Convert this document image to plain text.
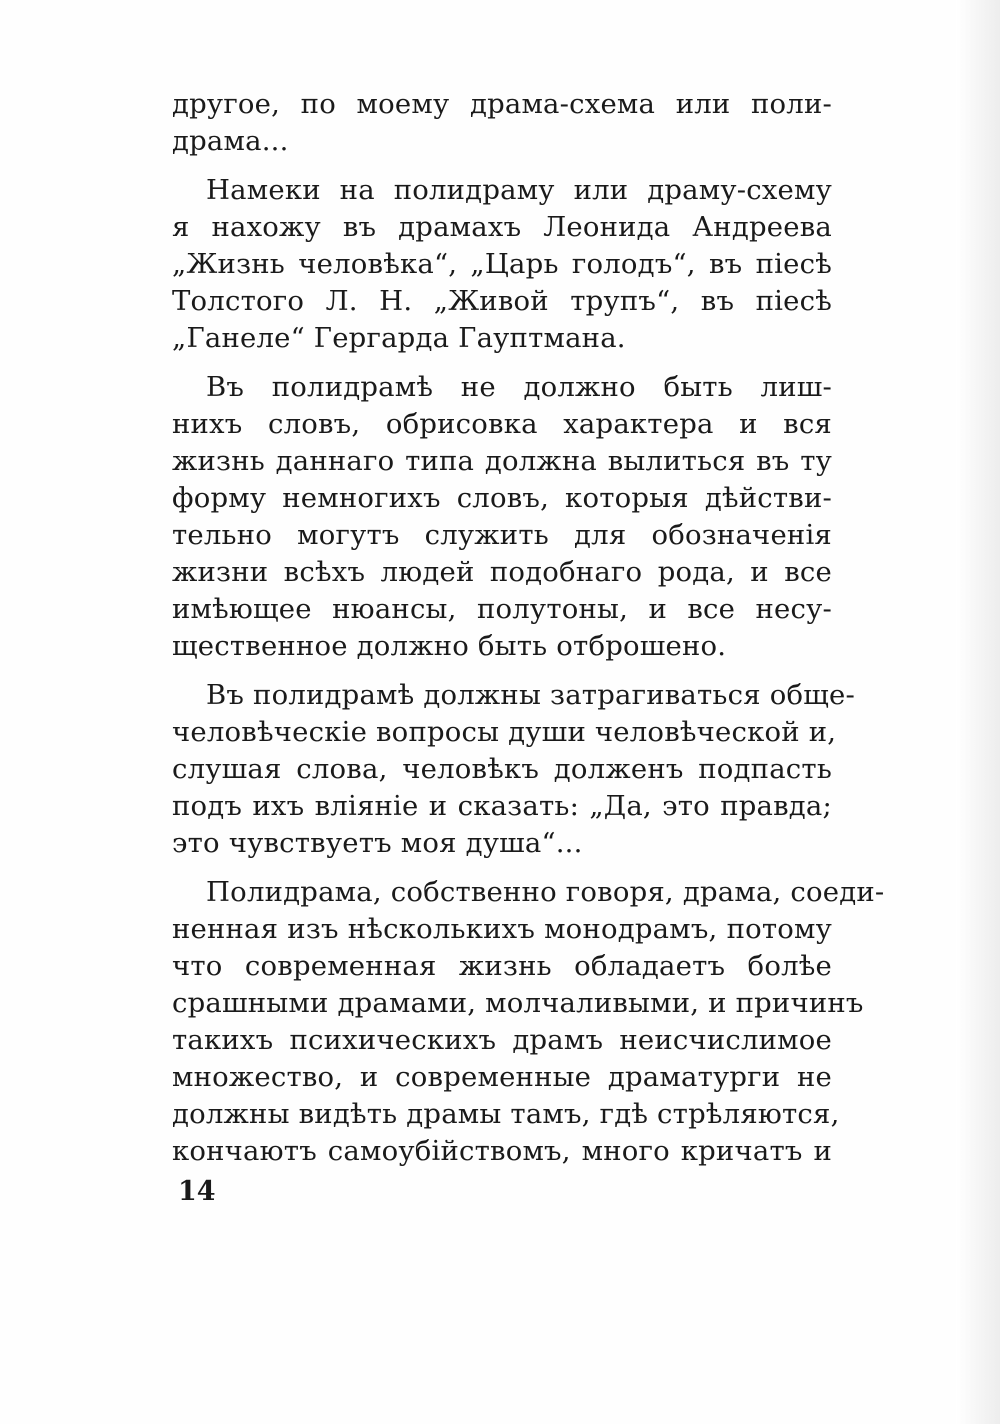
другое, по моему драма-схема или поли-
драма...
Намеки на полидраму или драму-схему
я нахожу въ драмахъ Леонида Андреева
„Жизнь человѣка“, „Царь голодъ“, въ піесѣ
Толстого Л. Н. „Живой трупъ“, въ піесѣ
„Ганеле“ Гергарда Гауптмана.
Въ полидрамѣ не должно быть лиш-
нихъ словъ, обрисовка характера и вся
жизнь даннаго типа должна вылиться въ ту
форму немногихъ словъ, которыя дѣйстви-
тельно могутъ служить для обозначенія
жизни всѣхъ людей подобнаго рода, и все
имѣющее нюансы, полутоны, и все несу-
щественное должно быть отброшено.
Въ полидрамѣ должны затрагиваться обще-
человѣческіе вопросы души человѣческой и,
слушая слова, человѣкъ долженъ подпасть
подъ ихъ вліяніе и сказать: „Да, это правда;
это чувствуетъ моя душа“...
Полидрама, собственно говоря, драма, соеди-
ненная изъ нѣсколькихъ монодрамъ, потому
что современная жизнь обладаетъ болѣе
срашными драмами, молчаливыми, и причинъ
такихъ психическихъ драмъ неисчислимое
множество, и современные драматурги не
должны видѣть драмы тамъ, гдѣ стрѣляются,
кончаютъ самоубійствомъ, много кричатъ и
14
